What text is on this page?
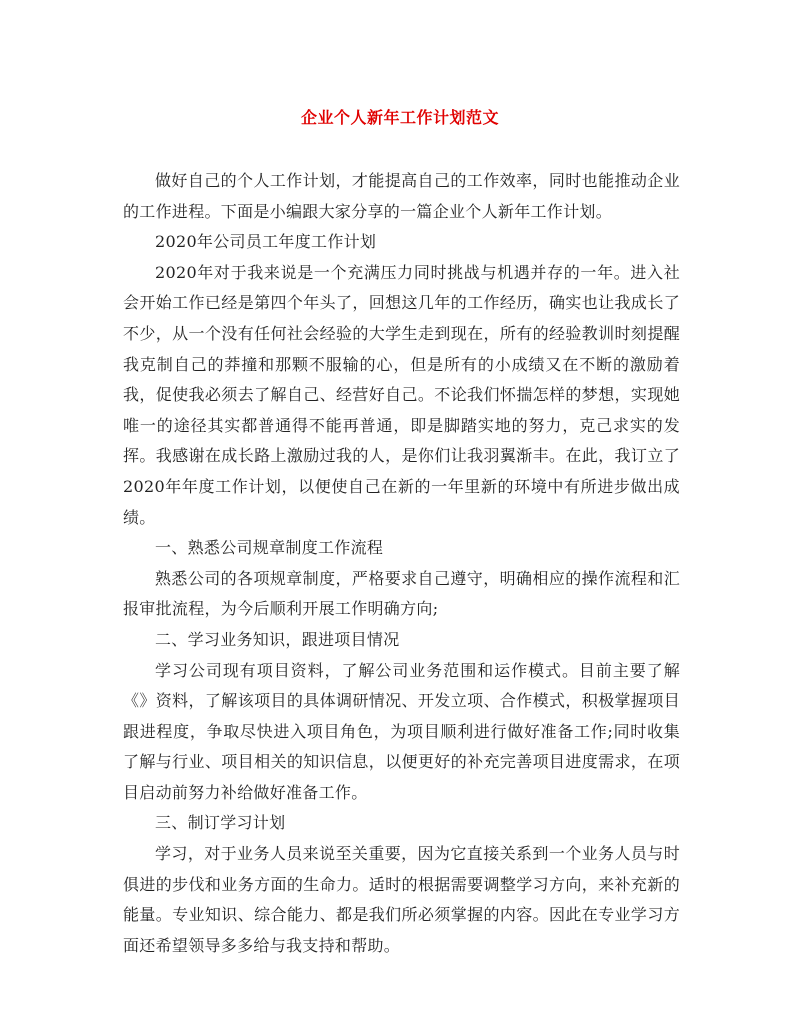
企业个人新年工作计划范文

做好自己的个人工作计划，才能提高自己的工作效率，同时也能推动企业的工作进程。下面是小编跟大家分享的一篇企业个人新年工作计划。

2020年公司员工年度工作计划

2020年对于我来说是一个充满压力同时挑战与机遇并存的一年。进入社会开始工作已经是第四个年头了，回想这几年的工作经历，确实也让我成长了不少，从一个没有任何社会经验的大学生走到现在，所有的经验教训时刻提醒我克制自己的莽撞和那颗不服输的心，但是所有的小成绩又在不断的激励着我，促使我必须去了解自己、经营好自己。不论我们怀揣怎样的梦想，实现她唯一的途径其实都普通得不能再普通，即是脚踏实地的努力，克己求实的发挥。我感谢在成长路上激励过我的人，是你们让我羽翼渐丰。在此，我订立了2020年年度工作计划，以便使自己在新的一年里新的环境中有所进步做出成绩。

一、熟悉公司规章制度工作流程

熟悉公司的各项规章制度，严格要求自己遵守，明确相应的操作流程和汇报审批流程，为今后顺利开展工作明确方向;

二、学习业务知识，跟进项目情况

学习公司现有项目资料，了解公司业务范围和运作模式。目前主要了解《》资料，了解该项目的具体调研情况、开发立项、合作模式，积极掌握项目跟进程度，争取尽快进入项目角色，为项目顺利进行做好准备工作;同时收集了解与行业、项目相关的知识信息，以便更好的补充完善项目进度需求，在项目启动前努力补给做好准备工作。

三、制订学习计划

学习，对于业务人员来说至关重要，因为它直接关系到一个业务人员与时俱进的步伐和业务方面的生命力。适时的根据需要调整学习方向，来补充新的能量。专业知识、综合能力、都是我们所必须掌握的内容。因此在专业学习方面还希望领导多多给与我支持和帮助。
